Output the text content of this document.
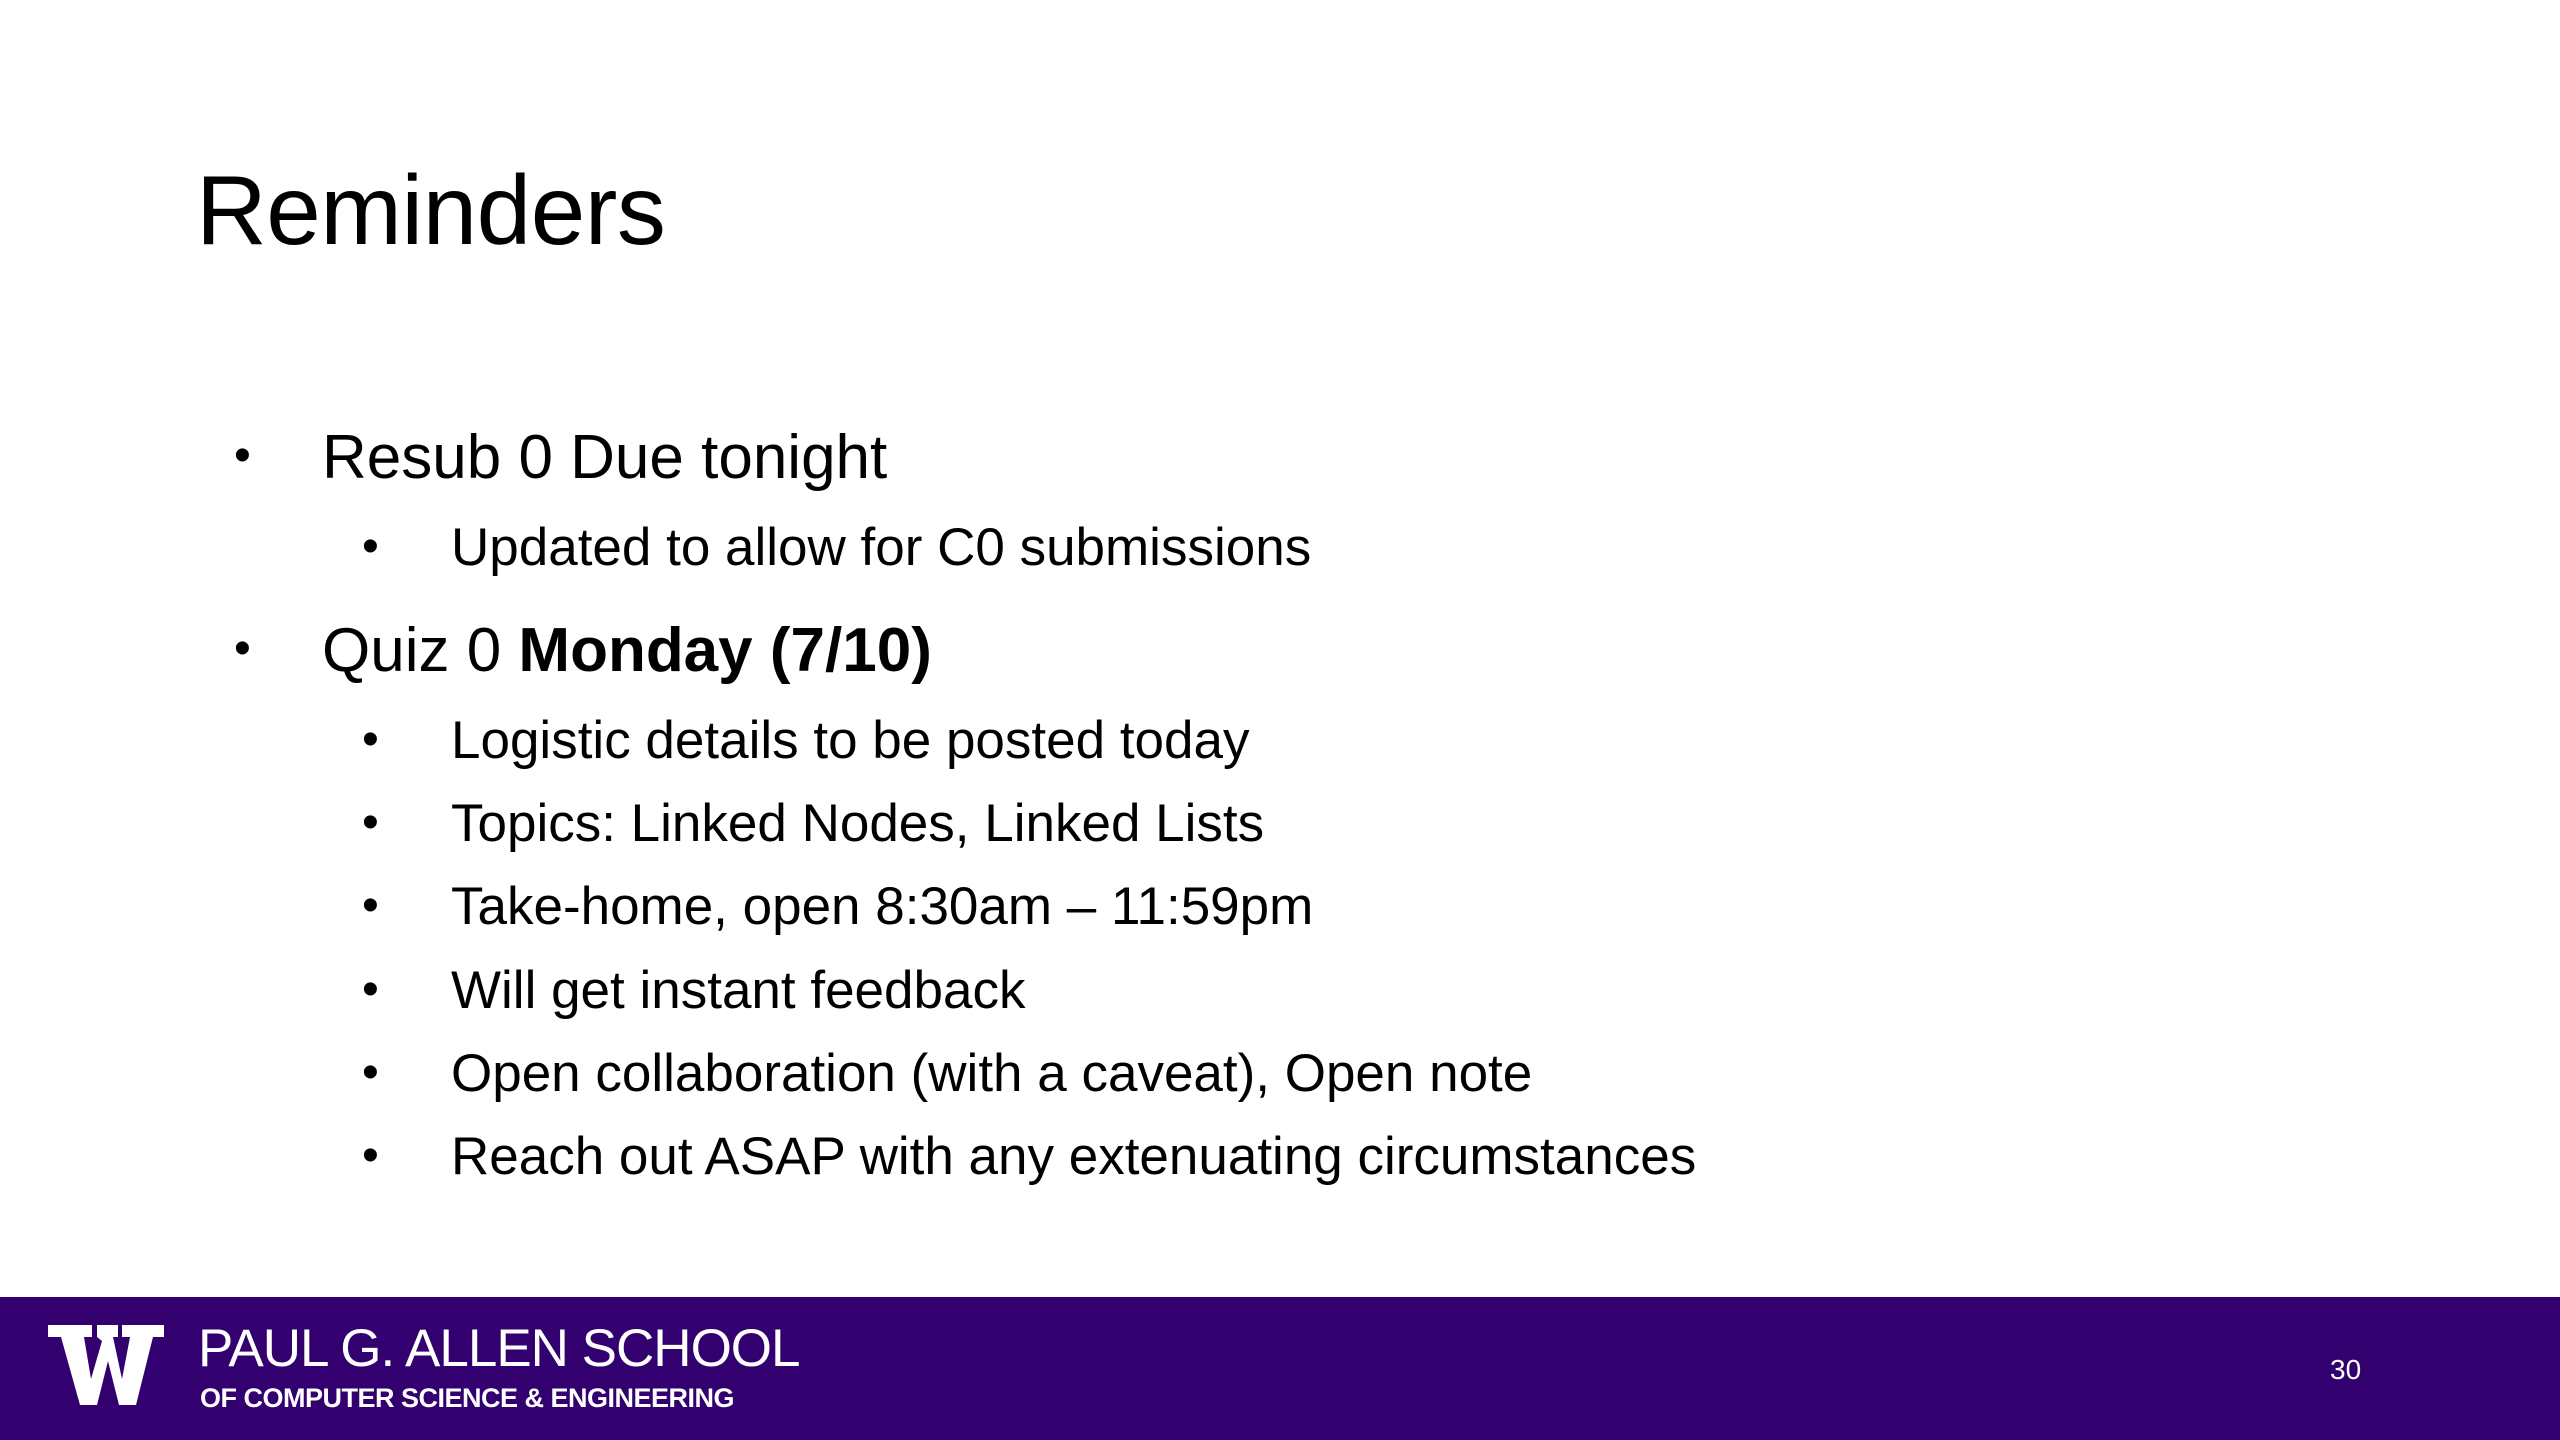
Reminders
• Resub 0 Due tonight
• Updated to allow for C0 submissions
• Quiz 0 Monday (7/10)
• Logistic details to be posted today
• Topics: Linked Nodes, Linked Lists
• Take-home, open 8:30am – 11:59pm
• Will get instant feedback
• Open collaboration (with a caveat), Open note
• Reach out ASAP with any extenuating circumstances
PAUL G. ALLEN SCHOOL
OF COMPUTER SCIENCE & ENGINEERING
30
